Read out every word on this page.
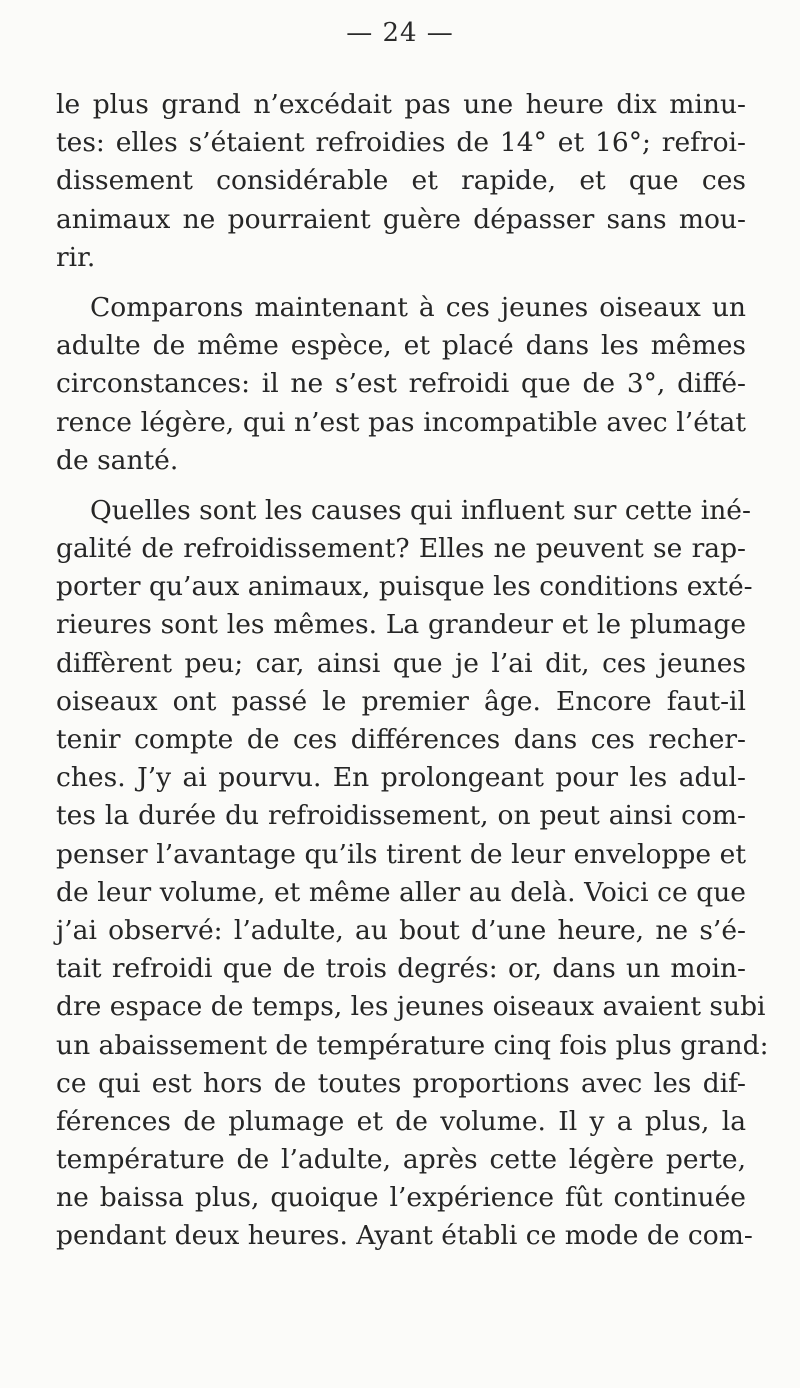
— 24 —
le plus grand n’excédait pas une heure dix minu-
tes: elles s’étaient refroidies de 14° et 16°; refroi-
dissement considérable et rapide, et que ces
animaux ne pourraient guère dépasser sans mou-
rir.
Comparons maintenant à ces jeunes oiseaux un
adulte de même espèce, et placé dans les mêmes
circonstances: il ne s’est refroidi que de 3°, diffé-
rence légère, qui n’est pas incompatible avec l’état
de santé.
Quelles sont les causes qui influent sur cette iné-
galité de refroidissement? Elles ne peuvent se rap-
porter qu’aux animaux, puisque les conditions exté-
rieures sont les mêmes. La grandeur et le plumage
diffèrent peu; car, ainsi que je l’ai dit, ces jeunes
oiseaux ont passé le premier âge. Encore faut-il
tenir compte de ces différences dans ces recher-
ches. J’y ai pourvu. En prolongeant pour les adul-
tes la durée du refroidissement, on peut ainsi com-
penser l’avantage qu’ils tirent de leur enveloppe et
de leur volume, et même aller au delà. Voici ce que
j’ai observé: l’adulte, au bout d’une heure, ne s’é-
tait refroidi que de trois degrés: or, dans un moin-
dre espace de temps, les jeunes oiseaux avaient subi
un abaissement de température cinq fois plus grand:
ce qui est hors de toutes proportions avec les dif-
férences de plumage et de volume. Il y a plus, la
température de l’adulte, après cette légère perte,
ne baissa plus, quoique l’expérience fût continuée
pendant deux heures. Ayant établi ce mode de com-
